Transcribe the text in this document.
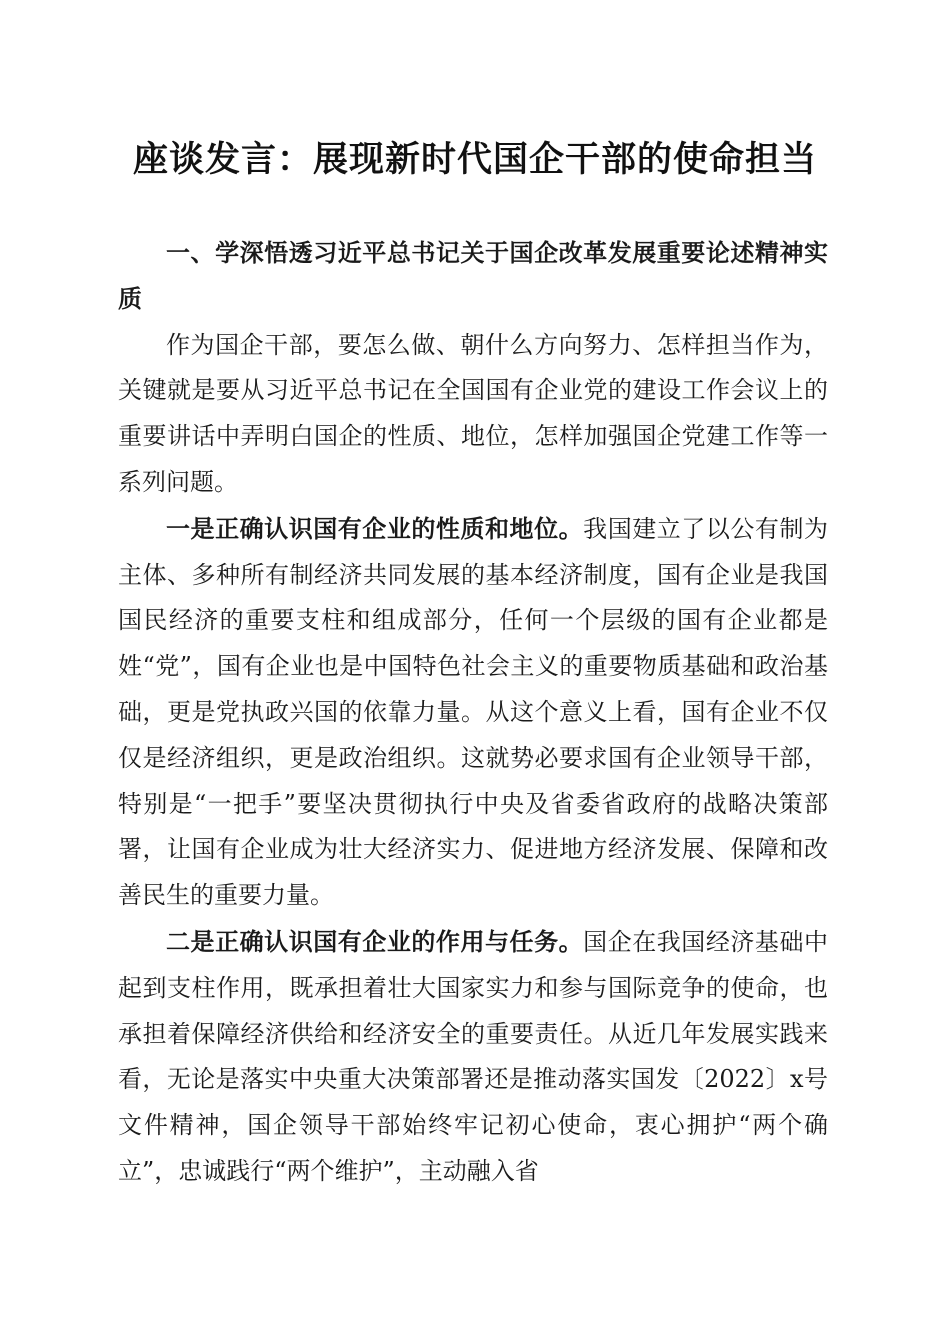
座谈发言：展现新时代国企干部的使命担当

一、学深悟透习近平总书记关于国企改革发展重要论述精神实质

作为国企干部，要怎么做、朝什么方向努力、怎样担当作为，关键就是要从习近平总书记在全国国有企业党的建设工作会议上的重要讲话中弄明白国企的性质、地位，怎样加强国企党建工作等一系列问题。

一是正确认识国有企业的性质和地位。我国建立了以公有制为主体、多种所有制经济共同发展的基本经济制度，国有企业是我国国民经济的重要支柱和组成部分，任何一个层级的国有企业都是姓“党”，国有企业也是中国特色社会主义的重要物质基础和政治基础，更是党执政兴国的依靠力量。从这个意义上看，国有企业不仅仅是经济组织，更是政治组织。这就势必要求国有企业领导干部，特别是“一把手”要坚决贯彻执行中央及省委省政府的战略决策部署，让国有企业成为壮大经济实力、促进地方经济发展、保障和改善民生的重要力量。

二是正确认识国有企业的作用与任务。国企在我国经济基础中起到支柱作用，既承担着壮大国家实力和参与国际竞争的使命，也承担着保障经济供给和经济安全的重要责任。从近几年发展实践来看，无论是落实中央重大决策部署还是推动落实国发〔2022〕x号文件精神，国企领导干部始终牢记初心使命，衷心拥护“两个确立”，忠诚践行“两个维护”，主动融入省
